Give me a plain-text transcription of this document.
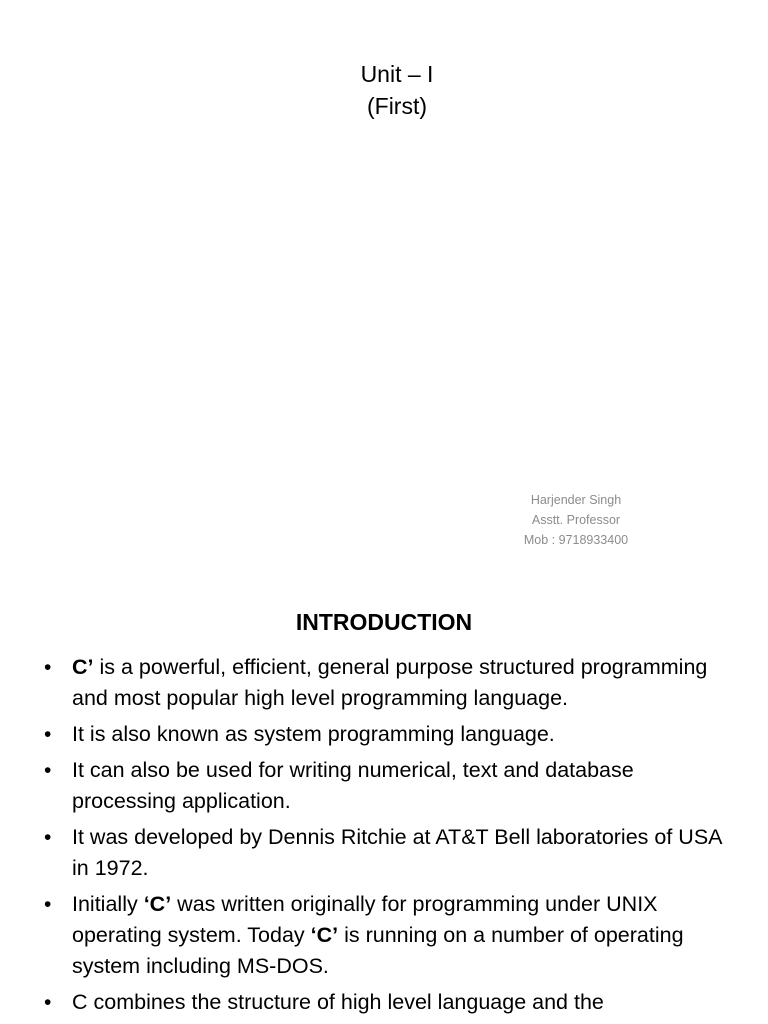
Unit – I
(First)
Harjender Singh
Asstt. Professor
Mob : 9718933400
INTRODUCTION
• C’ is a powerful, efficient, general purpose structured programming and most popular high level programming language.
• It is also known as system programming language.
• It can also be used for writing numerical, text and database processing application.
• It was developed by Dennis Ritchie at AT&T Bell laboratories of USA in 1972.
• Initially ‘C’ was written originally for programming under UNIX operating system. Today ‘C’ is running on a number of operating system including MS-DOS.
• C combines the structure of high level language and the
